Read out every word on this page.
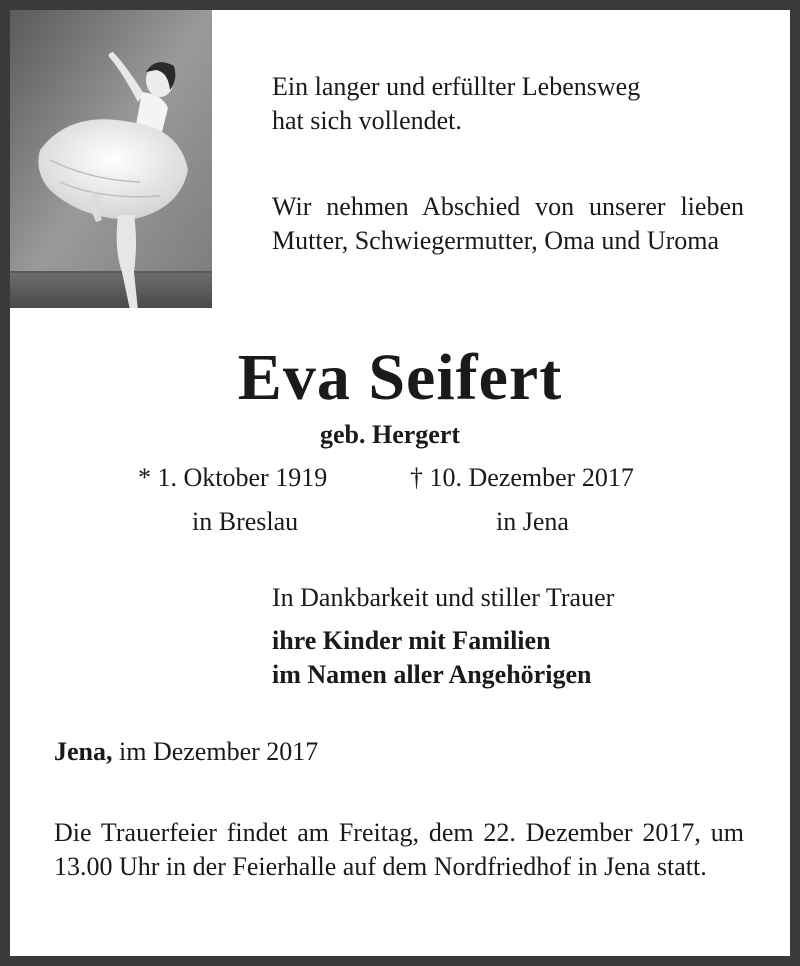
Ein langer und erfüllter Lebensweg

hat sich vollendet.

Wir nehmen Abschied von unserer lieben Mutter, Schwiegermutter, Oma und Uroma

Eva Seifert
geb. Hergert
* 1. Oktober 1919	† 10. Dezember 2017
in Breslau	in Jena
In Dankbarkeit und stiller Trauer
ihre Kinder mit Familien
im Namen aller Angehörigen
Jena, im Dezember 2017
Die Trauerfeier findet am Freitag, dem 22. Dezember 2017, um 13.00 Uhr in der Feierhalle auf dem Nordfriedhof in Jena statt.
